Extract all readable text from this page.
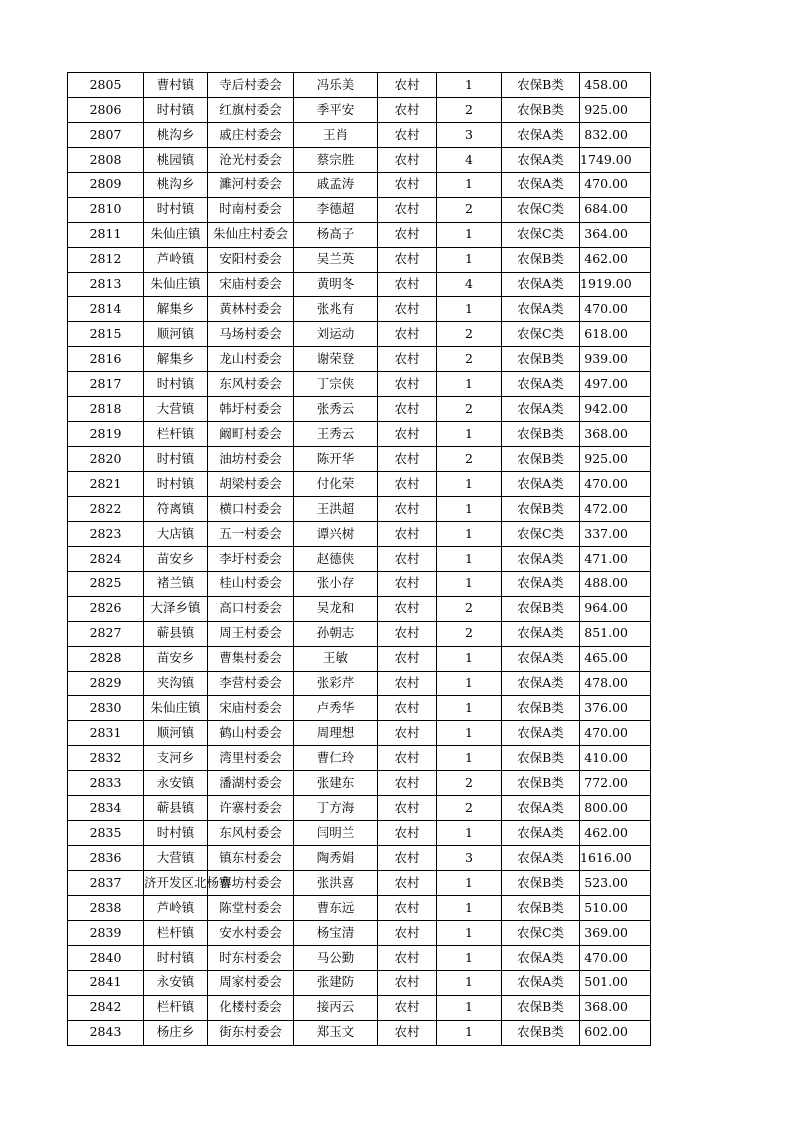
2805	曹村镇	寺后村委会	冯乐美	农村	1	农保B类	458.00
2806	时村镇	红旗村委会	季平安	农村	2	农保B类	925.00
2807	桃沟乡	戚庄村委会	王肖	农村	3	农保A类	832.00
2808	桃园镇	沧光村委会	蔡宗胜	农村	4	农保A类	1749.00
2809	桃沟乡	濉河村委会	戚孟涛	农村	1	农保A类	470.00
2810	时村镇	时南村委会	李德超	农村	2	农保C类	684.00
2811	朱仙庄镇	朱仙庄村委会	杨高子	农村	1	农保C类	364.00
2812	芦岭镇	安阳村委会	吴兰英	农村	1	农保B类	462.00
2813	朱仙庄镇	宋庙村委会	黄明冬	农村	4	农保A类	1919.00
2814	解集乡	黄林村委会	张兆有	农村	1	农保A类	470.00
2815	顺河镇	马场村委会	刘运动	农村	2	农保C类	618.00
2816	解集乡	龙山村委会	谢荣登	农村	2	农保B类	939.00
2817	时村镇	东风村委会	丁宗侠	农村	1	农保A类	497.00
2818	大营镇	韩圩村委会	张秀云	农村	2	农保A类	942.00
2819	栏杆镇	阚町村委会	王秀云	农村	1	农保B类	368.00
2820	时村镇	油坊村委会	陈开华	农村	2	农保B类	925.00
2821	时村镇	胡梁村委会	付化荣	农村	1	农保A类	470.00
2822	符离镇	横口村委会	王洪超	农村	1	农保B类	472.00
2823	大店镇	五一村委会	谭兴树	农村	1	农保C类	337.00
2824	苗安乡	李圩村委会	赵德侠	农村	1	农保A类	471.00
2825	褚兰镇	桂山村委会	张小存	农村	1	农保A类	488.00
2826	大泽乡镇	高口村委会	吴龙和	农村	2	农保B类	964.00
2827	蕲县镇	周王村委会	孙朝志	农村	2	农保A类	851.00
2828	苗安乡	曹集村委会	王敏	农村	1	农保A类	465.00
2829	夹沟镇	李营村委会	张彩芹	农村	1	农保A类	478.00
2830	朱仙庄镇	宋庙村委会	卢秀华	农村	1	农保B类	376.00
2831	顺河镇	鹤山村委会	周理想	农村	1	农保A类	470.00
2832	支河乡	湾里村委会	曹仁玲	农村	1	农保B类	410.00
2833	永安镇	潘湖村委会	张建东	农村	2	农保B类	772.00
2834	蕲县镇	许寨村委会	丁方海	农村	2	农保A类	800.00
2835	时村镇	东风村委会	闫明兰	农村	1	农保A类	462.00
2836	大营镇	镇东村委会	陶秀娟	农村	3	农保A类	1616.00
2837	济开发区北杨寨	曹坊村委会	张洪喜	农村	1	农保B类	523.00
2838	芦岭镇	陈堂村委会	曹东远	农村	1	农保B类	510.00
2839	栏杆镇	安水村委会	杨宝清	农村	1	农保C类	369.00
2840	时村镇	时东村委会	马公勤	农村	1	农保A类	470.00
2841	永安镇	周家村委会	张建防	农村	1	农保A类	501.00
2842	栏杆镇	化楼村委会	接丙云	农村	1	农保B类	368.00
2843	杨庄乡	街东村委会	郑玉文	农村	1	农保B类	602.00
